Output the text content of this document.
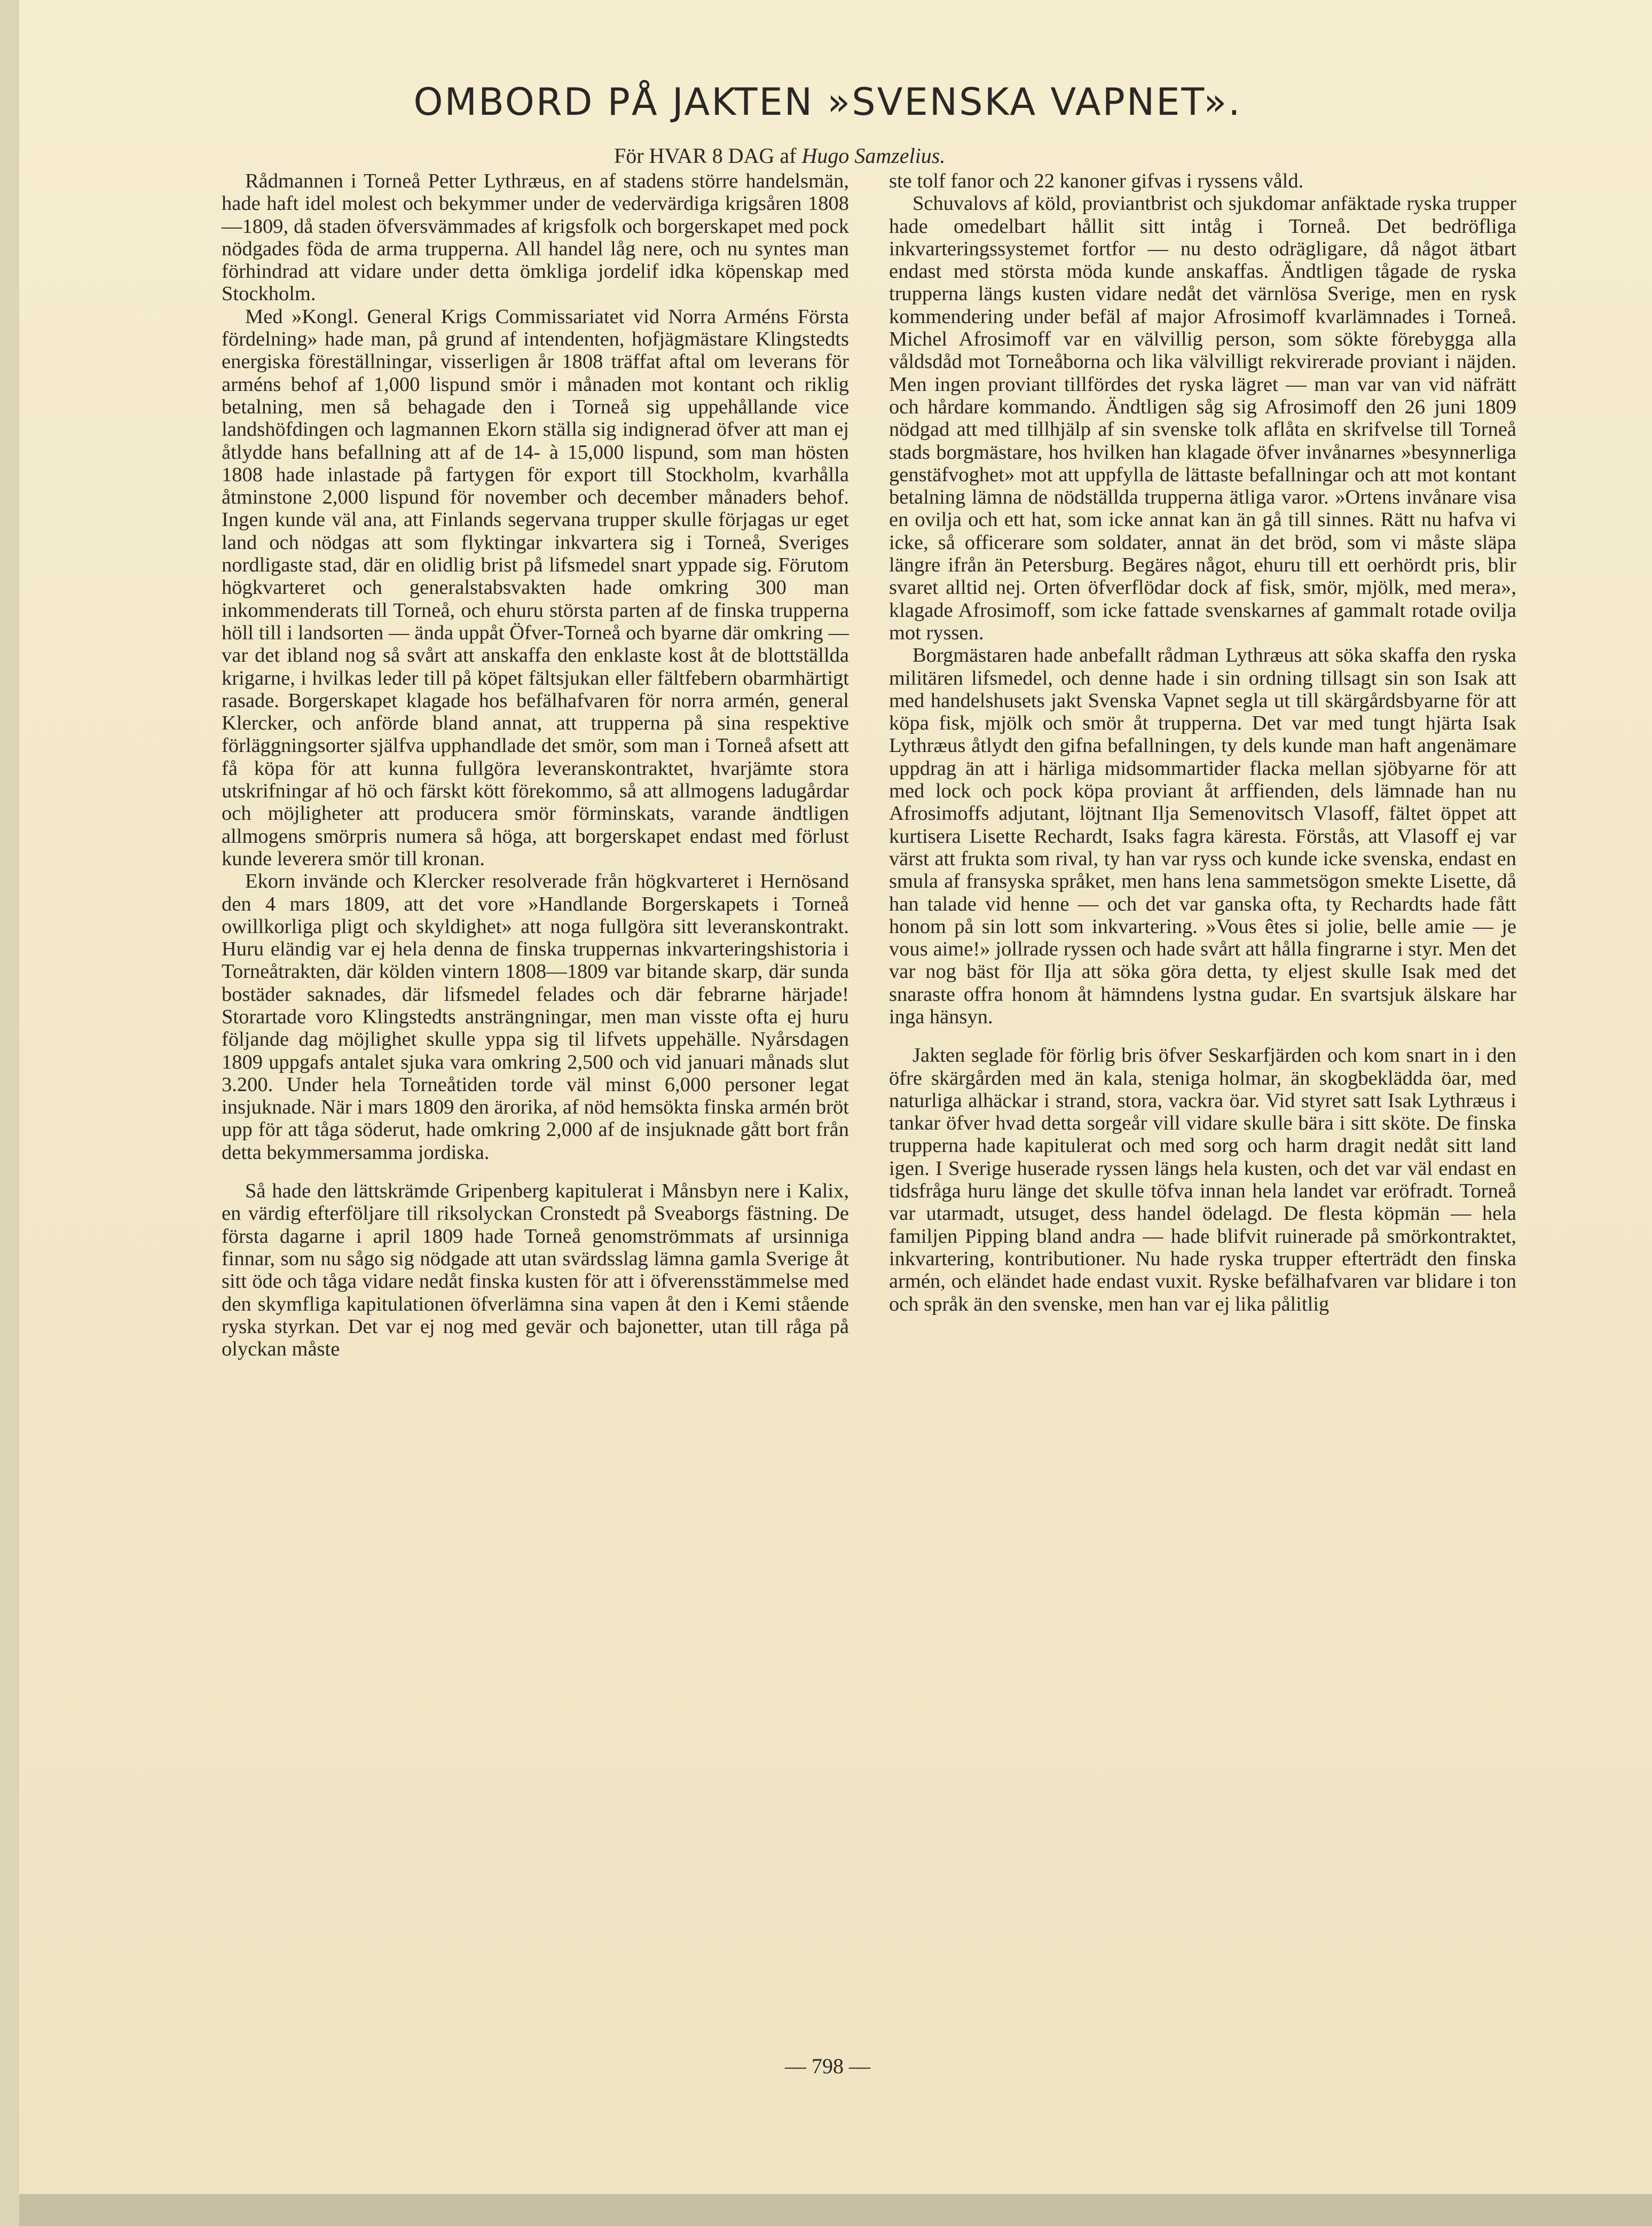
OMBORD PÅ JAKTEN »SVENSKA VAPNET».
För HVAR 8 DAG af Hugo Samzelius.

Rådmannen i Torneå Petter Lythræus, en af stadens större handelsmän, hade haft idel molest och bekymmer under de vedervärdiga krigsåren 1808 —1809, då staden öfversvämmades af krigsfolk och borgerskapet med pock nödgades föda de arma trupperna. All handel låg nere, och nu syntes man förhindrad att vidare under detta ömkliga jordelif idka köpenskap med Stockholm.

Med »Kongl. General Krigs Commissariatet vid Norra Arméns Första fördelning» hade man, på grund af intendenten, hofjägmästare Klingstedts energiska föreställningar, visserligen år 1808 träffat aftal om leverans för arméns behof af 1,000 lispund smör i månaden mot kontant och riklig betalning, men så behagade den i Torneå sig uppehållande vice landshöfdingen och lagmannen Ekorn ställa sig indignerad öfver att man ej åtlydde hans befallning att af de 14- à 15,000 lispund, som man hösten 1808 hade inlastade på fartygen för export till Stockholm, kvarhålla åtminstone 2,000 lispund för november och december månaders behof. Ingen kunde väl ana, att Finlands segervana trupper skulle förjagas ur eget land och nödgas att som flyktingar inkvartera sig i Torneå, Sveriges nordligaste stad, där en olidlig brist på lifsmedel snart yppade sig. Förutom högkvarteret och generalstabsvakten hade omkring 300 man inkommenderats till Torneå, och ehuru största parten af de finska trupperna höll till i landsorten — ända uppåt Öfver-Torneå och byarne där omkring — var det ibland nog så svårt att anskaffa den enklaste kost åt de blottställda krigarne, i hvilkas leder till på köpet fältsjukan eller fältfebern obarmhärtigt rasade. Borgerskapet klagade hos befälhafvaren för norra armén, general Klercker, och anförde bland annat, att trupperna på sina respektive förläggningsorter själfva upphandlade det smör, som man i Torneå afsett att få köpa för att kunna fullgöra leveranskontraktet, hvarjämte stora utskrifningar af hö och färskt kött förekommo, så att allmogens ladugårdar och möjligheter att producera smör förminskats, varande ändtligen allmogens smörpris numera så höga, att borgerskapet endast med förlust kunde leverera smör till kronan.

Ekorn invände och Klercker resolverade från högkvarteret i Hernösand den 4 mars 1809, att det vore »Handlande Borgerskapets i Torneå owillkorliga pligt och skyldighet» att noga fullgöra sitt leveranskontrakt. Huru eländig var ej hela denna de finska truppernas inkvarteringshistoria i Torneåtrakten, där kölden vintern 1808—1809 var bitande skarp, där sunda bostäder saknades, där lifsmedel felades och där febrarne härjade! Storartade voro Klingstedts ansträngningar, men man visste ofta ej huru följande dag möjlighet skulle yppa sig til lifvets uppehälle. Nyårsdagen 1809 uppgafs antalet sjuka vara omkring 2,500 och vid januari månads slut 3.200. Under hela Torneåtiden torde väl minst 6,000 personer legat insjuknade. När i mars 1809 den ärorika, af nöd hemsökta finska armén bröt upp för att tåga söderut, hade omkring 2,000 af de insjuknade gått bort från detta bekymmersamma jordiska.

Så hade den lättskrämde Gripenberg kapitulerat i Månsbyn nere i Kalix, en värdig efterföljare till riksolyckan Cronstedt på Sveaborgs fästning. De första dagarne i april 1809 hade Torneå genomströmmats af ursinniga finnar, som nu sågo sig nödgade att utan svärdsslag lämna gamla Sverige åt sitt öde och tåga vidare nedåt finska kusten för att i öfverensstämmelse med den skymfliga kapitulationen öfverlämna sina vapen åt den i Kemi stående ryska styrkan. Det var ej nog med gevär och bajonetter, utan till råga på olyckan måste

ste tolf fanor och 22 kanoner gifvas i ryssens våld.

Schuvalovs af köld, proviantbrist och sjukdomar anfäktade ryska trupper hade omedelbart hållit sitt intåg i Torneå. Det bedröfliga inkvarteringssystemet fortfor — nu desto odrägligare, då något ätbart endast med största möda kunde anskaffas. Ändtligen tågade de ryska trupperna längs kusten vidare nedåt det värnlösa Sverige, men en rysk kommendering under befäl af major Afrosimoff kvarlämnades i Torneå. Michel Afrosimoff var en välvillig person, som sökte förebygga alla våldsdåd mot Torneåborna och lika välvilligt rekvirerade proviant i näjden. Men ingen proviant tillfördes det ryska lägret — man var van vid näfrätt och hårdare kommando. Ändtligen såg sig Afrosimoff den 26 juni 1809 nödgad att med tillhjälp af sin svenske tolk aflåta en skrifvelse till Torneå stads borgmästare, hos hvilken han klagade öfver invånarnes »besynnerliga genstäfvoghet» mot att uppfylla de lättaste befallningar och att mot kontant betalning lämna de nödställda trupperna ätliga varor. »Ortens invånare visa en ovilja och ett hat, som icke annat kan än gå till sinnes. Rätt nu hafva vi icke, så officerare som soldater, annat än det bröd, som vi måste släpa längre ifrån än Petersburg. Begäres något, ehuru till ett oerhördt pris, blir svaret alltid nej. Orten öfverflödar dock af fisk, smör, mjölk, med mera», klagade Afrosimoff, som icke fattade svenskarnes af gammalt rotade ovilja mot ryssen.

Borgmästaren hade anbefallt rådman Lythræus att söka skaffa den ryska militären lifsmedel, och denne hade i sin ordning tillsagt sin son Isak att med handelshusets jakt Svenska Vapnet segla ut till skärgårdsbyarne för att köpa fisk, mjölk och smör åt trupperna. Det var med tungt hjärta Isak Lythræus åtlydt den gifna befallningen, ty dels kunde man haft angenämare uppdrag än att i härliga midsommartider flacka mellan sjöbyarne för att med lock och pock köpa proviant åt arffienden, dels lämnade han nu Afrosimoffs adjutant, löjtnant Ilja Semenovitsch Vlasoff, fältet öppet att kurtisera Lisette Rechardt, Isaks fagra käresta. Förstås, att Vlasoff ej var värst att frukta som rival, ty han var ryss och kunde icke svenska, endast en smula af fransyska språket, men hans lena sammetsögon smekte Lisette, då han talade vid henne — och det var ganska ofta, ty Rechardts hade fått honom på sin lott som inkvartering. »Vous êtes si jolie, belle amie — je vous aime!» jollrade ryssen och hade svårt att hålla fingrarne i styr. Men det var nog bäst för Ilja att söka göra detta, ty eljest skulle Isak med det snaraste offra honom åt hämndens lystna gudar. En svartsjuk älskare har inga hänsyn.

Jakten seglade för förlig bris öfver Seskarfjärden och kom snart in i den öfre skärgården med än kala, steniga holmar, än skogbeklädda öar, med naturliga alhäckar i strand, stora, vackra öar. Vid styret satt Isak Lythræus i tankar öfver hvad detta sorgeår vill vidare skulle bära i sitt sköte. De finska trupperna hade kapitulerat och med sorg och harm dragit nedåt sitt land igen. I Sverige huserade ryssen längs hela kusten, och det var väl endast en tidsfråga huru länge det skulle töfva innan hela landet var eröfradt. Torneå var utarmadt, utsuget, dess handel ödelagd. De flesta köpmän — hela familjen Pipping bland andra — hade blifvit ruinerade på smörkontraktet, inkvartering, kontributioner. Nu hade ryska trupper efterträdt den finska armén, och eländet hade endast vuxit. Ryske befälhafvaren var blidare i ton och språk än den svenske, men han var ej lika pålitlig

— 798 —
